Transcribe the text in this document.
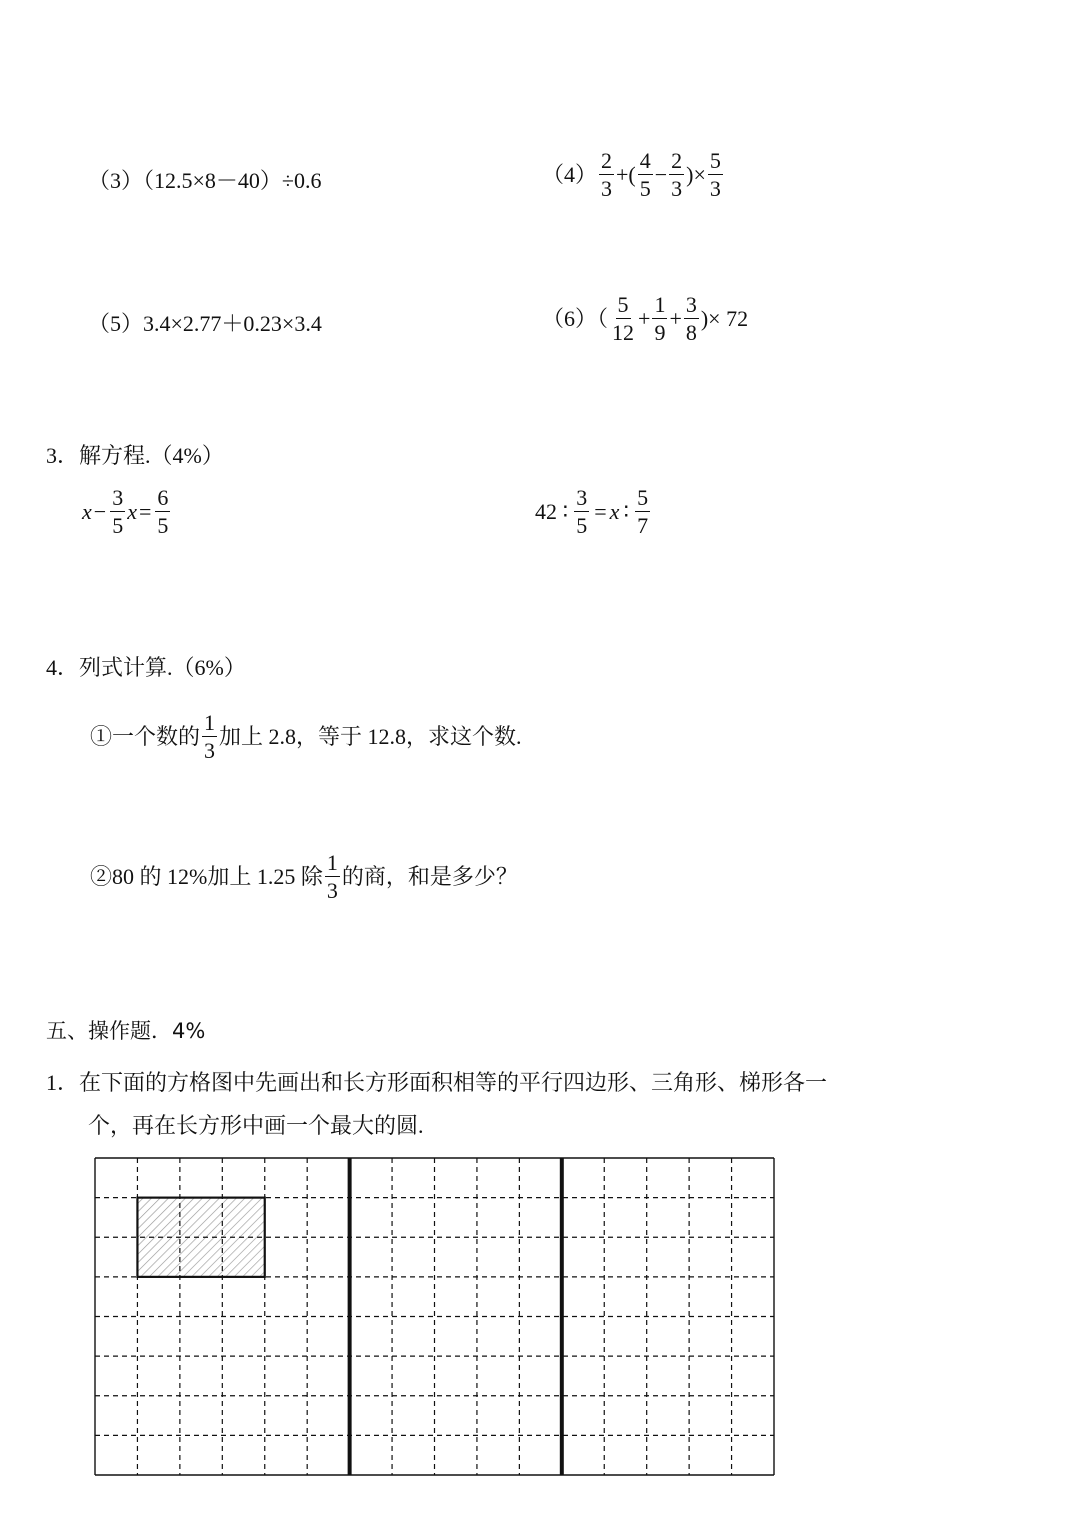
（3）（12.5×8－40）÷0.6	$(4) \frac{2}{3}$ +( $\frac{4}{5} - \frac{2}{3}$ )× $\frac{5}{3}$
（5）3.4×2.77＋0.23×3.4	$(6)( \frac{5}{12} + \frac{1}{9} + \frac{3}{8}$ )× 72
3．解方程.（4%）
$x - \frac{3}{5}$ $x = \frac{6}{5}$	42 ∶ $\frac{3}{5} = x$ ∶ $\frac{5}{7}$
4．列式计算.（6%）
①一个数的 $\frac{1}{3}$ 加上 2.8，等于 12.8，求这个数.
②80 的 12%加上 1.25 除 $\frac{1}{3}$ 的商，和是多少？
五、操作题．4%
1．在下面的方格图中先画出和长方形面积相等的平行四边形、三角形、梯形各一
个，再在长方形中画一个最大的圆.
